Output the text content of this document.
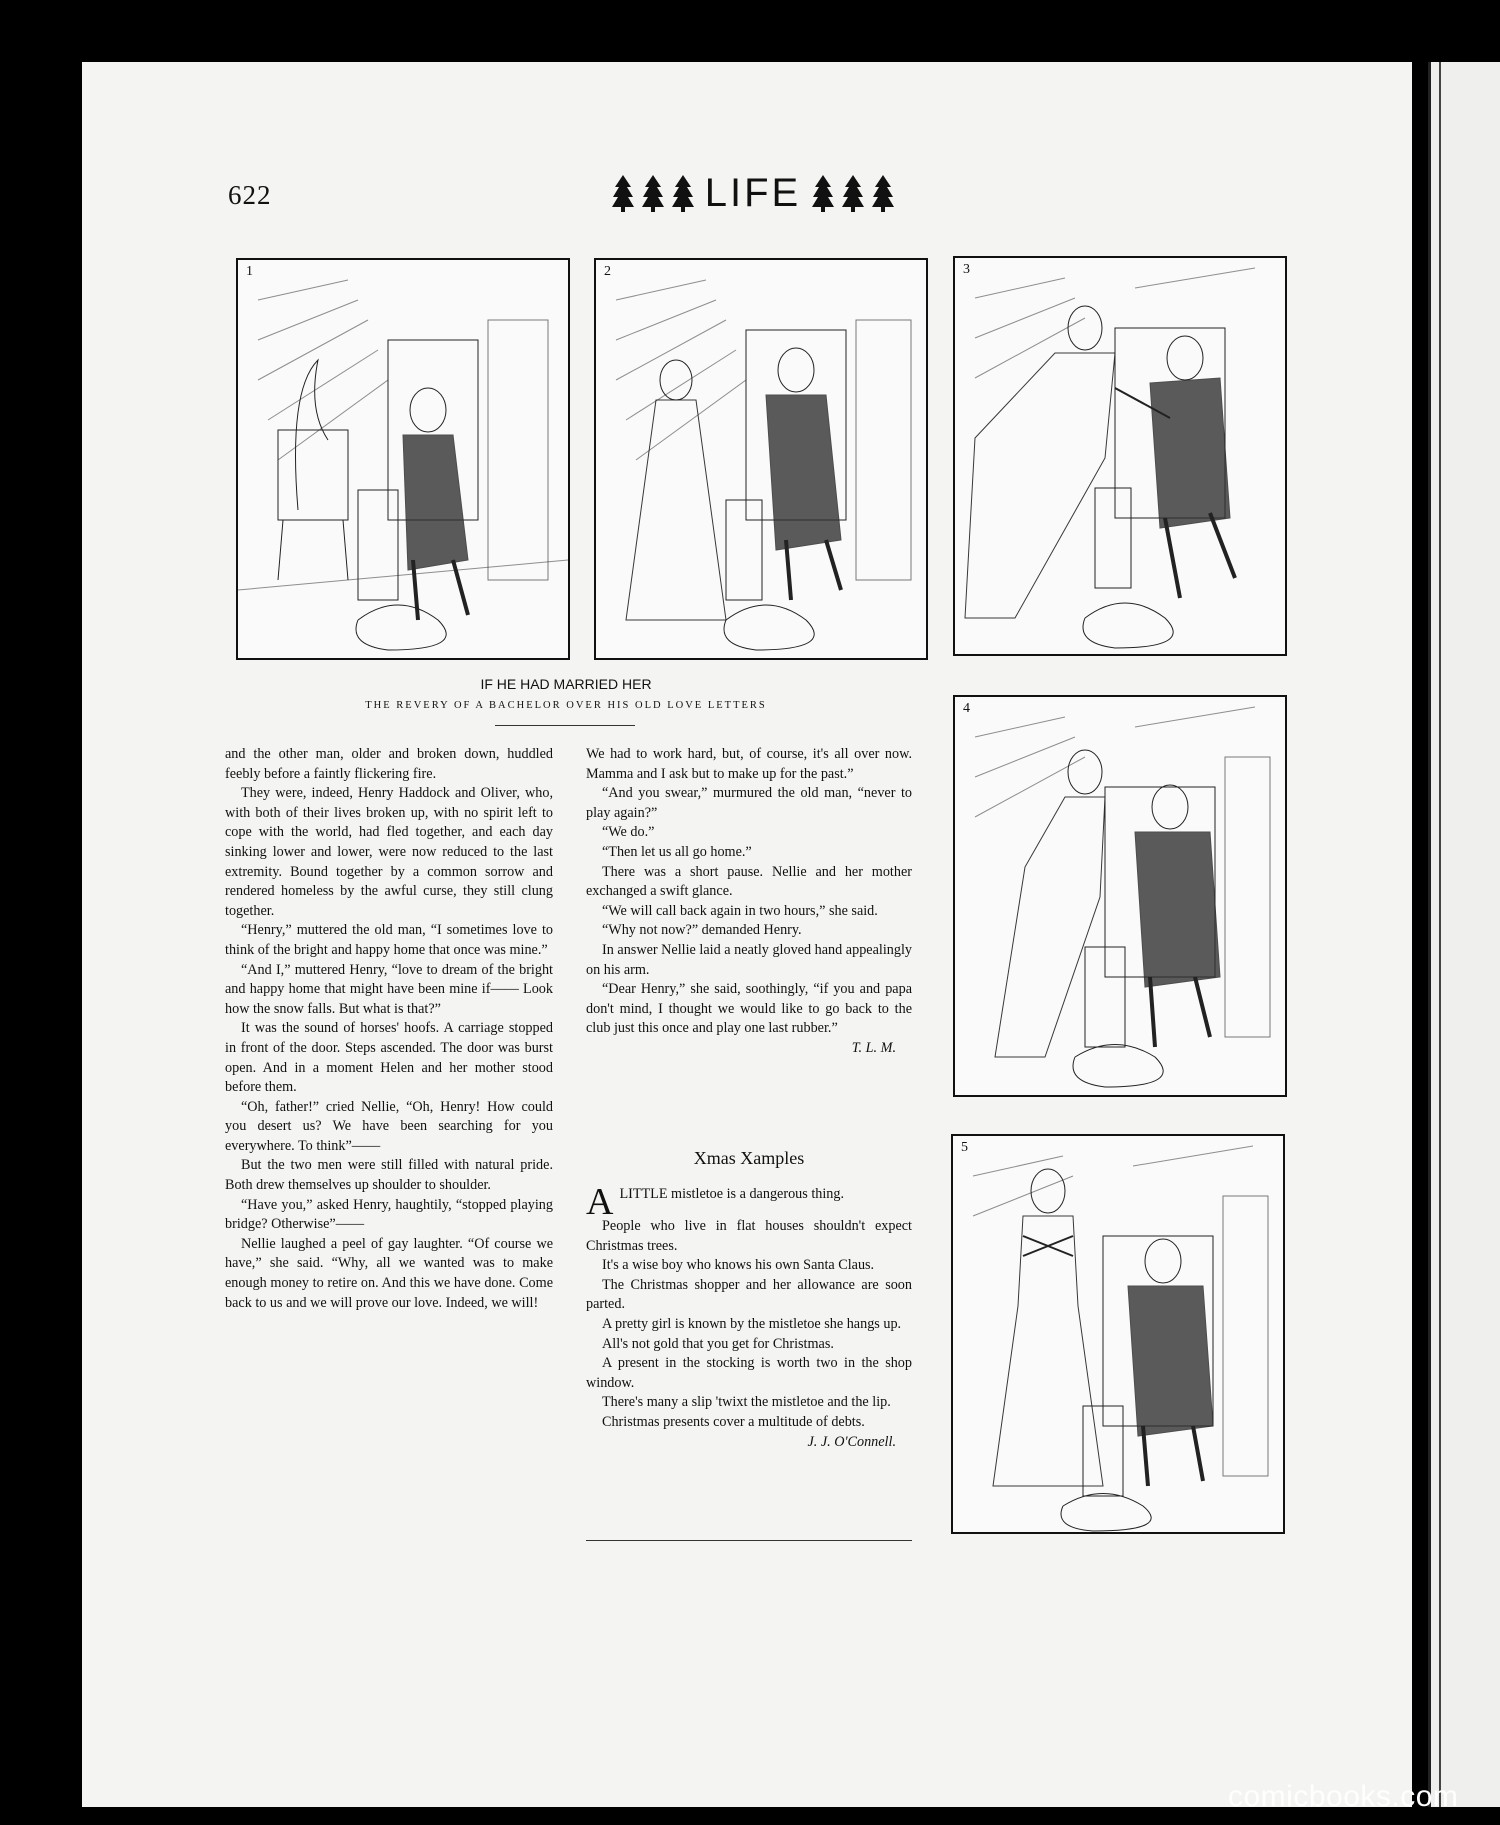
622	LIFE
1	2	3
4
5
IF HE HAD MARRIED HER
THE REVERY OF A BACHELOR OVER HIS OLD LOVE LETTERS

and the other man, older and broken down, huddled feebly before a faintly flickering fire.

They were, indeed, Henry Haddock and Oliver, who, with both of their lives broken up, with no spirit left to cope with the world, had fled together, and each day sinking lower and lower, were now reduced to the last extremity. Bound together by a common sorrow and rendered homeless by the awful curse, they still clung together.

“Henry,” muttered the old man, “I sometimes love to think of the bright and happy home that once was mine.”

“And I,” muttered Henry, “love to dream of the bright and happy home that might have been mine if—— Look how the snow falls. But what is that?”

It was the sound of horses' hoofs. A carriage stopped in front of the door. Steps ascended. The door was burst open. And in a moment Helen and her mother stood before them.

“Oh, father!” cried Nellie, “Oh, Henry! How could you desert us? We have been searching for you everywhere. To think”——

But the two men were still filled with natural pride. Both drew themselves up shoulder to shoulder.

“Have you,” asked Henry, haughtily, “stopped playing bridge? Otherwise”——

Nellie laughed a peel of gay laughter. “Of course we have,” she said. “Why, all we wanted was to make enough money to retire on. And this we have done. Come back to us and we will prove our love. Indeed, we will!

We had to work hard, but, of course, it's all over now. Mamma and I ask but to make up for the past.”

“And you swear,” murmured the old man, “never to play again?”

“We do.”

“Then let us all go home.”

There was a short pause. Nellie and her mother exchanged a swift glance.

“We will call back again in two hours,” she said.

“Why not now?” demanded Henry.

In answer Nellie laid a neatly gloved hand appealingly on his arm.

“Dear Henry,” she said, soothingly, “if you and papa don't mind, I thought we would like to go back to the club just this once and play one last rubber.”

T. L. M.

Xmas Xamples

ALITTLE mistletoe is a dangerous thing.

People who live in flat houses shouldn't expect Christmas trees.

It's a wise boy who knows his own Santa Claus.

The Christmas shopper and her allowance are soon parted.

A pretty girl is known by the mistletoe she hangs up.

All's not gold that you get for Christmas.

A present in the stocking is worth two in the shop window.

There's many a slip 'twixt the mistletoe and the lip.

Christmas presents cover a multitude of debts.

J. J. O'Connell.

comicbooks.com
